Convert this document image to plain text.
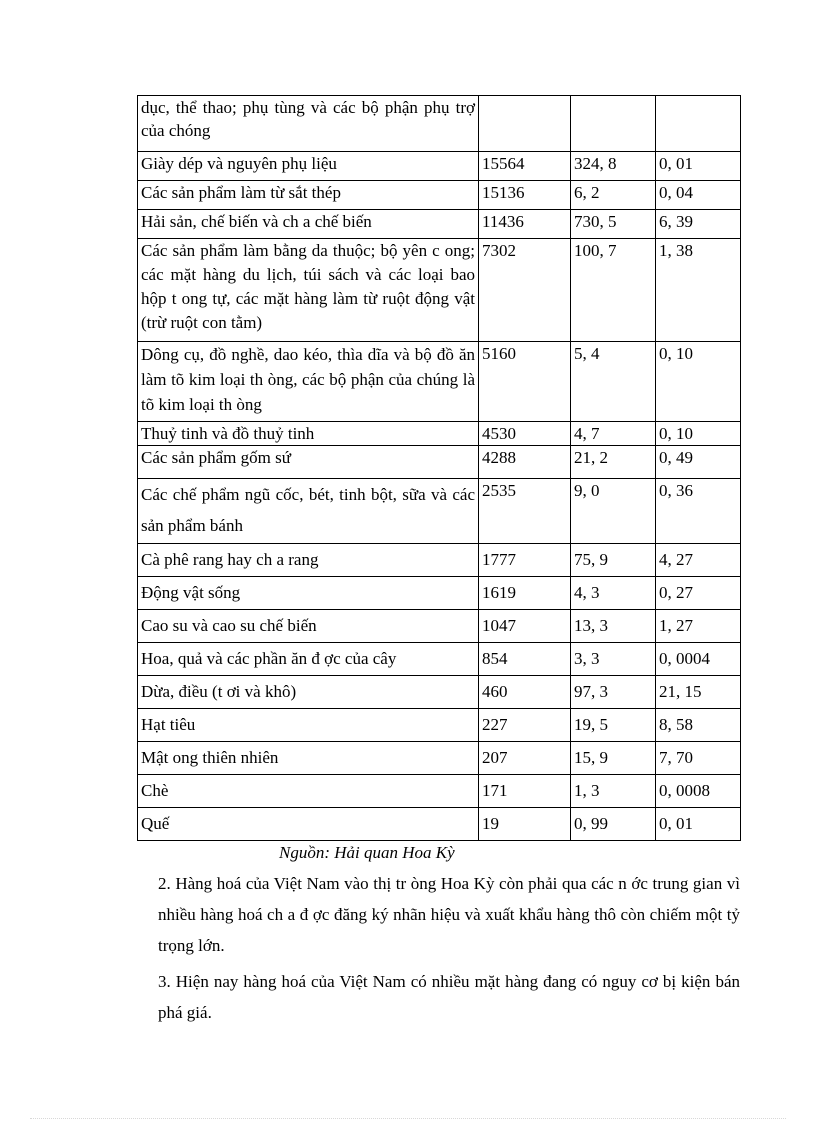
dục, thể thao; phụ tùng và các bộ phận phụ trợ của chóng			
Giày dép và nguyên phụ liệu	15564	324, 8	0, 01
Các sản phẩm làm từ sắt thép	15136	6, 2	0, 04
Hải sản, chế biến và ch a chế biến	11436	730, 5	6, 39
Các sản phẩm làm bằng da thuộc; bộ yên c ong; các mặt hàng du lịch, túi sách và các loại bao hộp t ong tự, các mặt hàng làm từ ruột động vật (trừ ruột con tằm)	7302	100, 7	1, 38
Dông cụ, đồ nghề, dao kéo, thìa dĩa và bộ đồ ăn làm tõ kim loại th òng, các bộ phận của chúng là tõ kim loại th òng	5160	5, 4	0, 10
Thuỷ tinh và đồ thuỷ tinh	4530	4, 7	0, 10
Các sản phẩm gốm sứ	4288	21, 2	0, 49
Các chế phẩm ngũ cốc, bét, tinh bột, sữa và các sản phẩm bánh	2535	9, 0	0, 36
Cà phê rang hay ch a rang	1777	75, 9	4, 27
Động vật sống	1619	4, 3	0, 27
Cao su và cao su chế biến	1047	13, 3	1, 27
Hoa, quả và các phần ăn đ ợc của cây	854	3, 3	0, 0004
Dừa, điều (t ơi và khô)	460	97, 3	21, 15
Hạt tiêu	227	19, 5	8, 58
Mật ong thiên nhiên	207	15, 9	7, 70
Chè	171	1, 3	0, 0008
Quế	19	0, 99	0, 01
Nguồn: Hải quan Hoa Kỳ

2. Hàng hoá của Việt Nam vào thị tr òng Hoa Kỳ còn phải qua các n ớc trung gian vì nhiều hàng hoá ch a đ ợc đăng ký nhãn hiệu và xuất khẩu hàng thô còn chiếm một tỷ trọng lớn.

3. Hiện nay hàng hoá của Việt Nam có nhiều mặt hàng đang có nguy cơ bị kiện bán phá giá.
